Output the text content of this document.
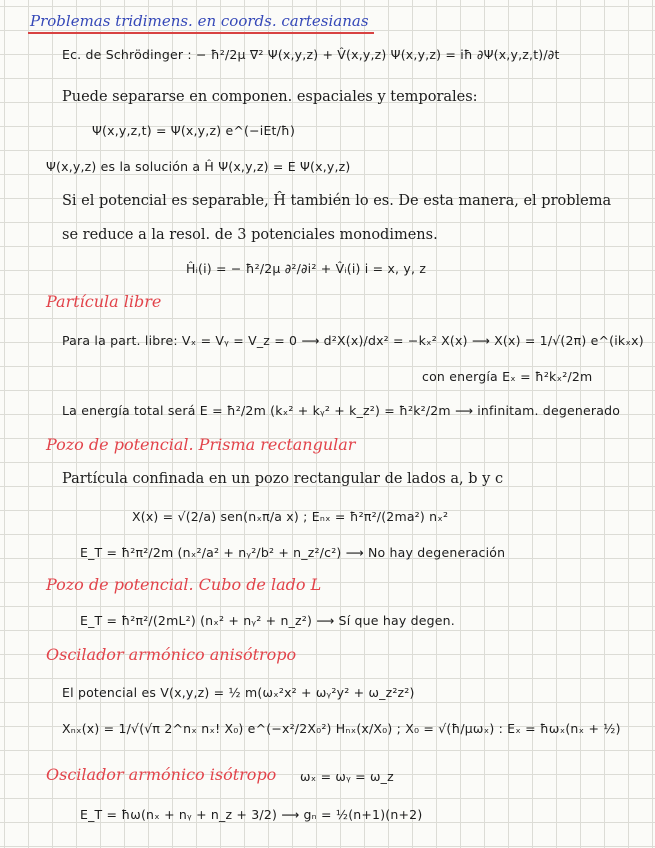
Problemas tridimens. en coords. cartesianas
Ec. de Schrödinger : − ħ²/2μ ∇² Ψ(x,y,z) + V̂(x,y,z) Ψ(x,y,z) = iħ ∂Ψ(x,y,z,t)/∂t
Puede separarse en componen. espaciales y temporales:
Ψ(x,y,z,t) = Ψ(x,y,z) e^(−iEt/ħ)
Ψ(x,y,z) es la solución a Ĥ Ψ(x,y,z) = E Ψ(x,y,z)
Si el potencial es separable, Ĥ también lo es. De esta manera, el problema
se reduce a la resol. de 3 potenciales monodimens.
Ĥᵢ(i) = − ħ²/2μ ∂²/∂i² + V̂ᵢ(i) i = x, y, z
Partícula libre
Para la part. libre: Vₓ = Vᵧ = V_z = 0 ⟶ d²X(x)/dx² = −kₓ² X(x) ⟶ X(x) = 1/√(2π) e^(ikₓx)
con energía Eₓ = ħ²kₓ²/2m
La energía total será E = ħ²/2m (kₓ² + kᵧ² + k_z²) = ħ²k²/2m ⟶ infinitam. degenerado
Pozo de potencial. Prisma rectangular
Partícula confinada en un pozo rectangular de lados a, b y c
X(x) = √(2/a) sen(nₓπ/a x) ; Eₙₓ = ħ²π²/(2ma²) nₓ²
E_T = ħ²π²/2m (nₓ²/a² + nᵧ²/b² + n_z²/c²) ⟶ No hay degeneración
Pozo de potencial. Cubo de lado L
E_T = ħ²π²/(2mL²) (nₓ² + nᵧ² + n_z²) ⟶ Sí que hay degen.
Oscilador armónico anisótropo
El potencial es V(x,y,z) = ½ m(ωₓ²x² + ωᵧ²y² + ω_z²z²)
Xₙₓ(x) = 1/√(√π 2^nₓ nₓ! X₀) e^(−x²/2X₀²) Hₙₓ(x/X₀) ; X₀ = √(ħ/μωₓ) : Eₓ = ħωₓ(nₓ + ½)
Oscilador armónico isótropo ωₓ = ωᵧ = ω_z
E_T = ħω(nₓ + nᵧ + n_z + 3/2) ⟶ gₙ = ½(n+1)(n+2)
